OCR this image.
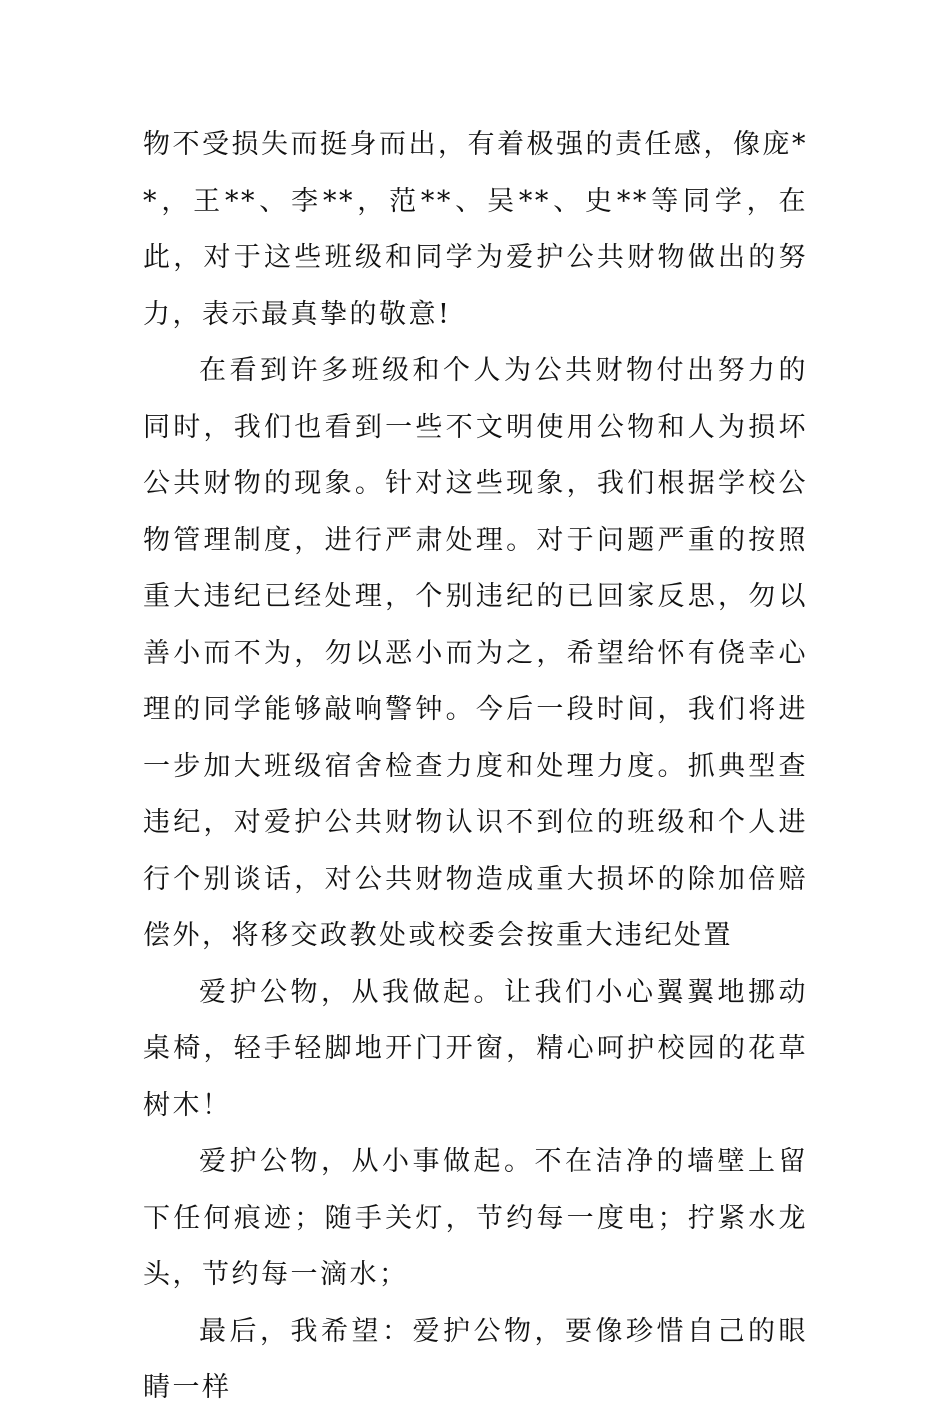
物不受损失而挺身而出，有着极强的责任感，像庞**，王**、李**，范**、吴**、史**等同学，在此，对于这些班级和同学为爱护公共财物做出的努力，表示最真挚的敬意!

在看到许多班级和个人为公共财物付出努力的同时，我们也看到一些不文明使用公物和人为损坏公共财物的现象。针对这些现象，我们根据学校公物管理制度，进行严肃处理。对于问题严重的按照重大违纪已经处理，个别违纪的已回家反思，勿以善小而不为，勿以恶小而为之，希望给怀有侥幸心理的同学能够敲响警钟。今后一段时间，我们将进一步加大班级宿舍检查力度和处理力度。抓典型查违纪，对爱护公共财物认识不到位的班级和个人进行个别谈话，对公共财物造成重大损坏的除加倍赔偿外，将移交政教处或校委会按重大违纪处置

爱护公物，从我做起。让我们小心翼翼地挪动桌椅，轻手轻脚地开门开窗，精心呵护校园的花草树木！

爱护公物，从小事做起。不在洁净的墙壁上留下任何痕迹；随手关灯，节约每一度电；拧紧水龙头，节约每一滴水；

最后，我希望：爱护公物，要像珍惜自己的眼睛一样
